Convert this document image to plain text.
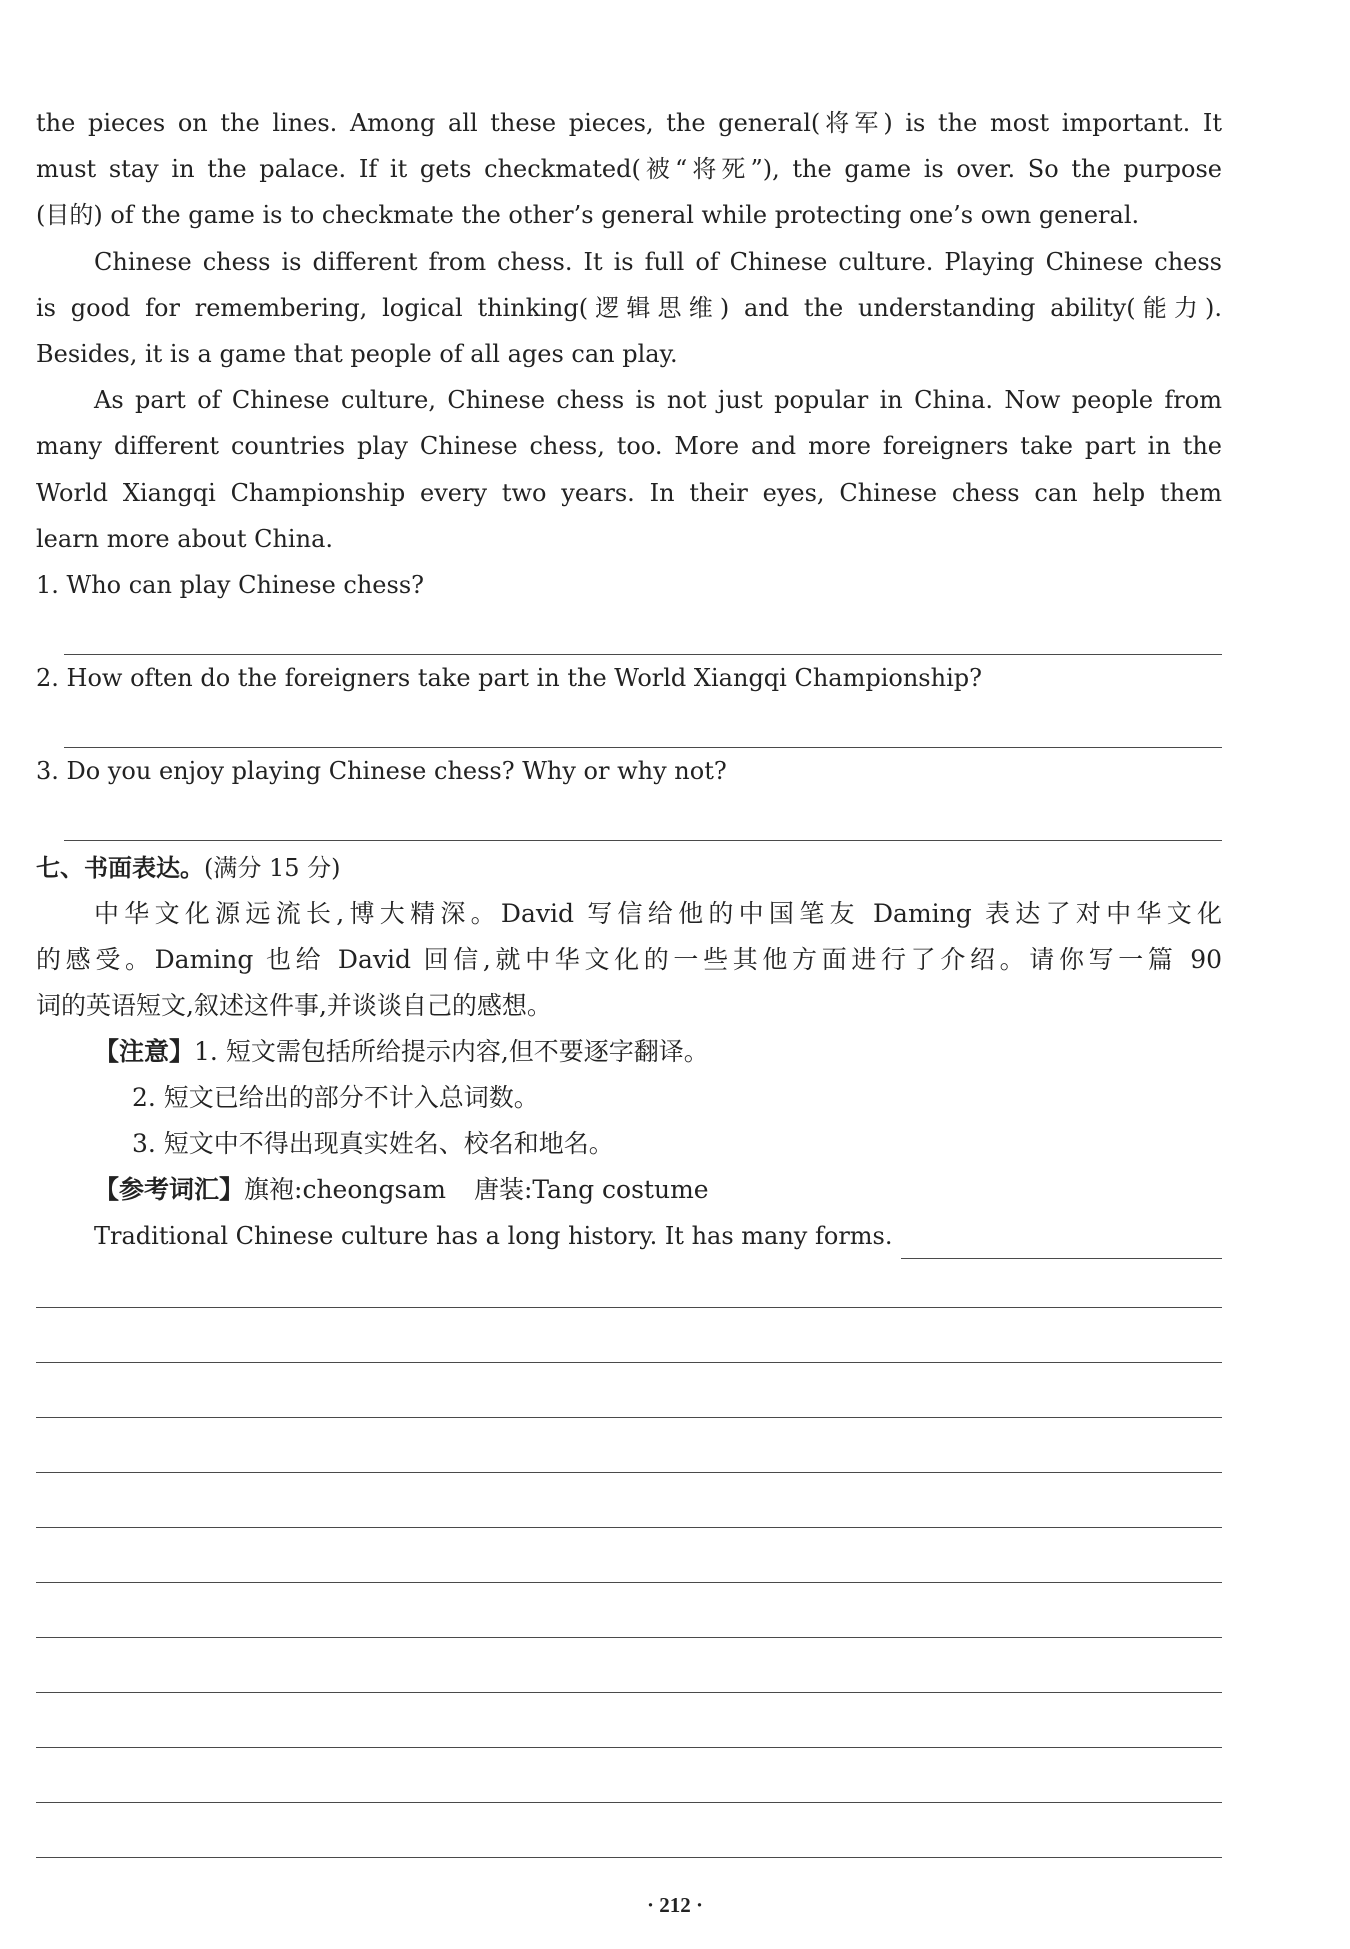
the pieces on the lines. Among all these pieces, the general(将军) is the most important. It

must stay in the palace. If it gets checkmated(被“将死”), the game is over. So the purpose

(目的) of the game is to checkmate the other’s general while protecting one’s own general.

Chinese chess is different from chess. It is full of Chinese culture. Playing Chinese chess

is good for remembering, logical thinking(逻辑思维) and the understanding ability(能力).

Besides, it is a game that people of all ages can play.

As part of Chinese culture, Chinese chess is not just popular in China. Now people from

many different countries play Chinese chess, too. More and more foreigners take part in the

World Xiangqi Championship every two years. In their eyes, Chinese chess can help them

learn more about China.

1. Who can play Chinese chess?

2. How often do the foreigners take part in the World Xiangqi Championship?

3. Do you enjoy playing Chinese chess? Why or why not?

七、书面表达。(满分 15 分)

中华文化源远流长,博大精深。David 写信给他的中国笔友 Daming 表达了对中华文化

的感受。Daming 也给 David 回信,就中华文化的一些其他方面进行了介绍。请你写一篇 90

词的英语短文,叙述这件事,并谈谈自己的感想。

【注意】1. 短文需包括所给提示内容,但不要逐字翻译。

2. 短文已给出的部分不计入总词数。

3. 短文中不得出现真实姓名、校名和地名。

【参考词汇】旗袍:cheongsam 唐装:Tang costume

Traditional Chinese culture has a long history. It has many forms.
· 212 ·
